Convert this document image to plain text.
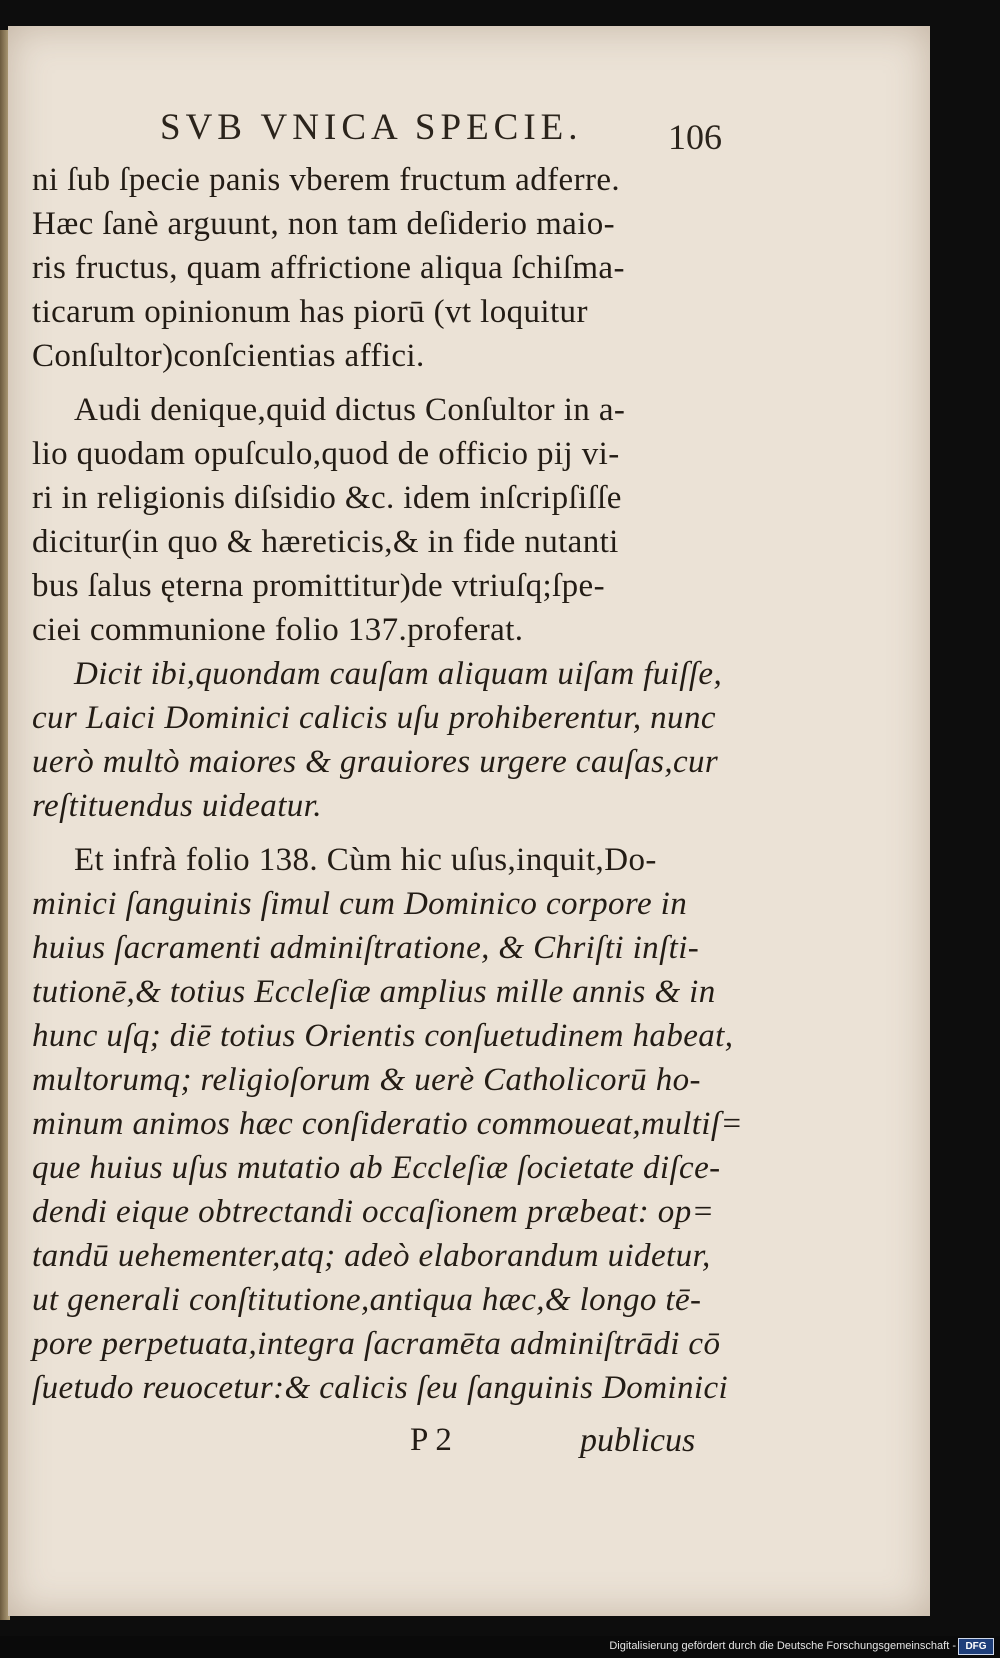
SVB VNICA SPECIE.	106
ni ſub ſpecie panis vberem fructum adferre.
Hæc ſanè arguunt, non tam deſiderio maio-
ris fructus, quam affrictione aliqua ſchiſma-
ticarum opinionum has piorū (vt loquitur
Conſultor)conſcientias affici.
Audi denique,quid dictus Conſultor in a-
lio quodam opuſculo,quod de officio pij vi-
ri in religionis diſsidio &c. idem inſcripſiſſe
dicitur(in quo & hæreticis,& in fide nutanti
bus ſalus ęterna promittitur)de vtriuſq;ſpe-
ciei communione folio 137.proferat.
Dicit ibi,quondam cauſam aliquam uiſam fuiſſe,
cur Laici Dominici calicis uſu prohiberentur, nunc
uerò multò maiores & grauiores urgere cauſas,cur
reſtituendus uideatur.
Et infrà folio 138. Cùm hic uſus,inquit,Do-
minici ſanguinis ſimul cum Dominico corpore in
huius ſacramenti adminiſtratione, & Chriſti inſti-
tutionē,& totius Eccleſiæ amplius mille annis & in
hunc uſq; diē totius Orientis conſuetudinem habeat,
multorumq; religioſorum & uerè Catholicorū ho-
minum animos hæc conſideratio commoueat,multiſ=
que huius uſus mutatio ab Eccleſiæ ſocietate diſce-
dendi eique obtrectandi occaſionem præbeat: op=
tandū uehementer,atq; adeò elaborandum uidetur,
ut generali conſtitutione,antiqua hæc,& longo tē-
pore perpetuata,integra ſacramēta adminiſtrādi cō
ſuetudo reuocetur:& calicis ſeu ſanguinis Dominici
P 2	publicus
Digitalisierung gefördert durch die Deutsche Forschungsgemeinschaft - DFG
